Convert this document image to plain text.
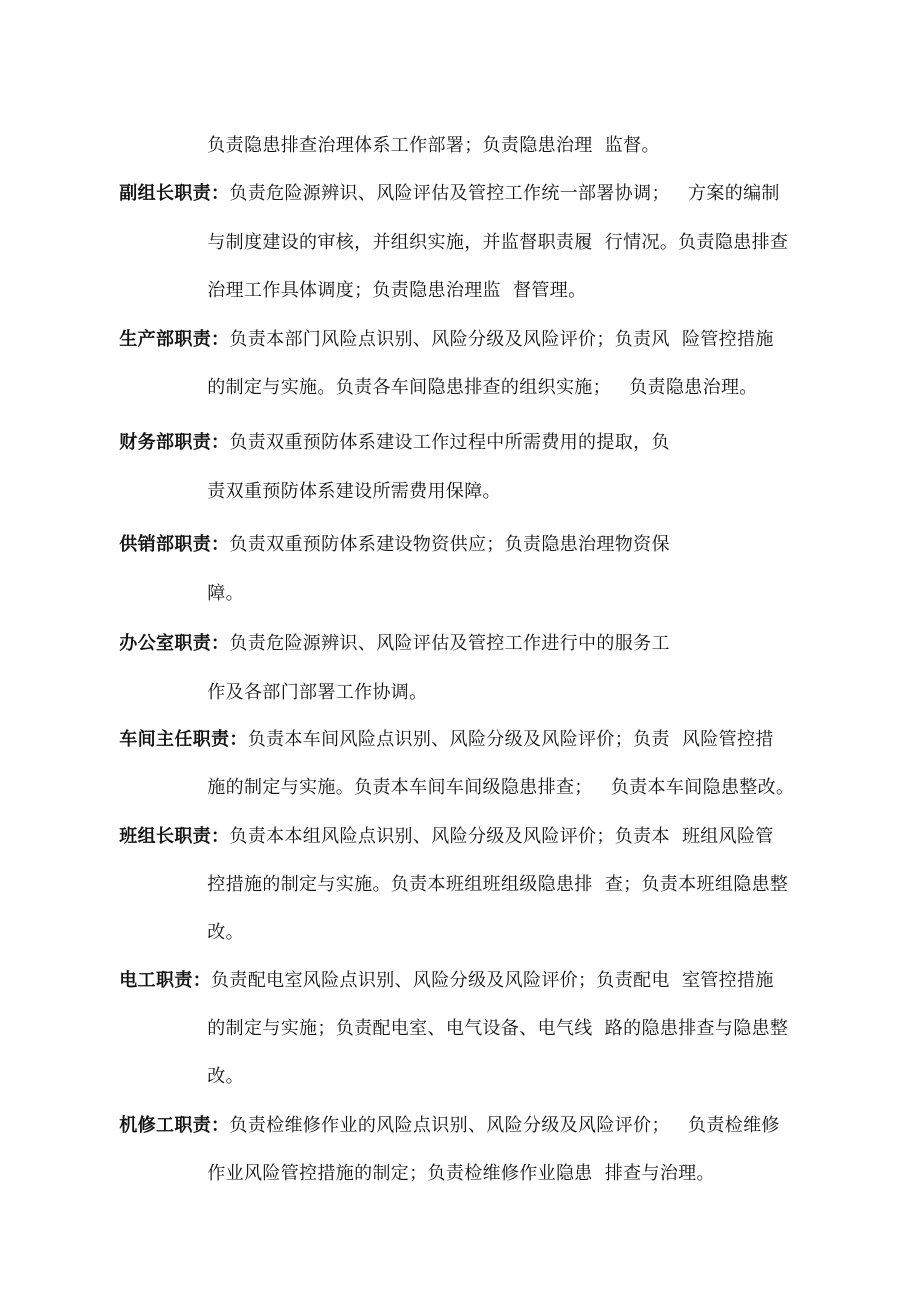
负责隐患排查治理体系工作部署；负责隐患治理  监督。

副组长职责：负责危险源辨识、风险评估及管控工作统一部署协调；   方案的编制

与制度建设的审核，并组织实施，并监督职责履  行情况。负责隐患排查

治理工作具体调度；负责隐患治理监  督管理。

生产部职责：负责本部门风险点识别、风险分级及风险评价；负责风  险管控措施

的制定与实施。负责各车间隐患排查的组织实施；   负责隐患治理。

财务部职责：负责双重预防体系建设工作过程中所需费用的提取，负

责双重预防体系建设所需费用保障。

供销部职责：负责双重预防体系建设物资供应；负责隐患治理物资保

障。

办公室职责：负责危险源辨识、风险评估及管控工作进行中的服务工

作及各部门部署工作协调。

车间主任职责：负责本车间风险点识别、风险分级及风险评价；负责  风险管控措

施的制定与实施。负责本车间车间级隐患排查；   负责本车间隐患整改。

班组长职责：负责本本组风险点识别、风险分级及风险评价；负责本  班组风险管

控措施的制定与实施。负责本班组班组级隐患排  查；负责本班组隐患整

改。

电工职责：负责配电室风险点识别、风险分级及风险评价；负责配电  室管控措施

的制定与实施；负责配电室、电气设备、电气线  路的隐患排查与隐患整

改。

机修工职责：负责检维修作业的风险点识别、风险分级及风险评价；   负责检维修

作业风险管控措施的制定；负责检维修作业隐患  排查与治理。
